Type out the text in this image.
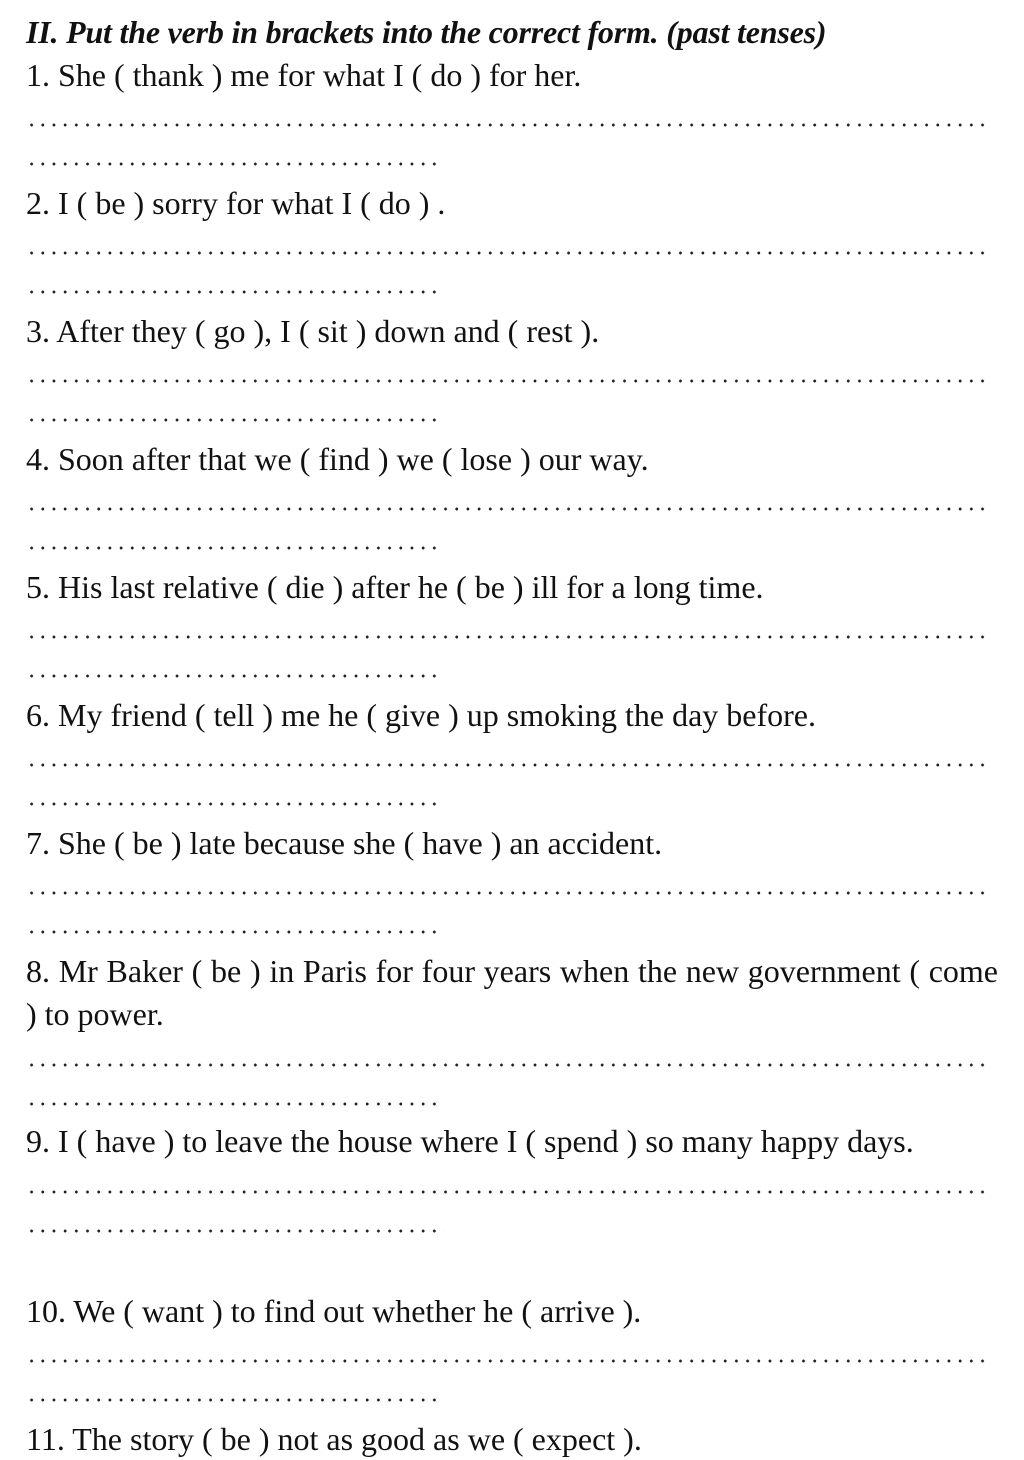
II. Put the verb in brackets into the correct form. (past tenses)

1. She ( thank ) me for what I ( do ) for her.

2. I ( be ) sorry for what I ( do ) .

3. After they ( go ), I ( sit ) down and ( rest ).

4. Soon after that we ( find ) we ( lose ) our way.

5. His last relative ( die ) after he ( be ) ill for a long time.

6. My friend ( tell ) me he ( give ) up smoking the day before.

7. She ( be ) late because she ( have ) an accident.

8. Mr Baker ( be ) in Paris for four years when the new government ( come ) to power.

9. I ( have ) to leave the house where I ( spend ) so many happy days.

10. We ( want ) to find out whether he ( arrive ).

11. The story ( be ) not as good as we ( expect ).
